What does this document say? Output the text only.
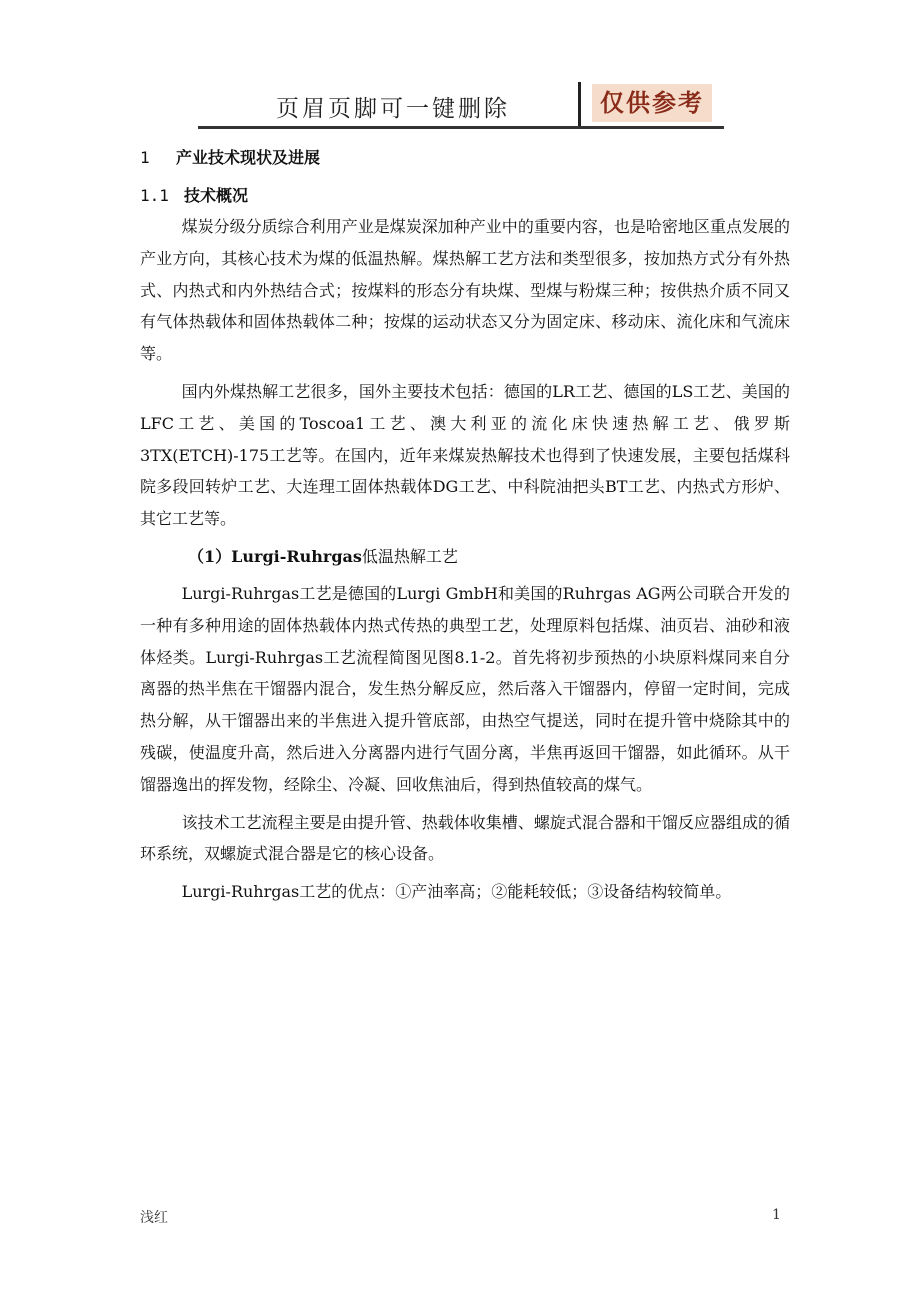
页眉页脚可一键删除	仅供参考
1 产业技术现状及进展
1.1 技术概况

煤炭分级分质综合利用产业是煤炭深加种产业中的重要内容，也是哈密地区重点发展的产业方向，其核心技术为煤的低温热解。煤热解工艺方法和类型很多，按加热方式分有外热式、内热式和内外热结合式；按煤料的形态分有块煤、型煤与粉煤三种；按供热介质不同又有气体热载体和固体热载体二种；按煤的运动状态又分为固定床、移动床、流化床和气流床等。

国内外煤热解工艺很多，国外主要技术包括：德国的LR工艺、德国的LS工艺、美国的LFC工艺、美国的Toscoa1工艺、澳大利亚的流化床快速热解工艺、俄罗斯3TX(ETCH)-175工艺等。在国内，近年来煤炭热解技术也得到了快速发展，主要包括煤科院多段回转炉工艺、大连理工固体热载体DG工艺、中科院油把头BT工艺、内热式方形炉、其它工艺等。

（1）Lurgi-Ruhrgas低温热解工艺

Lurgi-Ruhrgas工艺是德国的Lurgi GmbH和美国的Ruhrgas AG两公司联合开发的一种有多种用途的固体热载体内热式传热的典型工艺，处理原料包括煤、油页岩、油砂和液体烃类。Lurgi-Ruhrgas工艺流程简图见图8.1-2。首先将初步预热的小块原料煤同来自分离器的热半焦在干馏器内混合，发生热分解反应，然后落入干馏器内，停留一定时间，完成热分解，从干馏器出来的半焦进入提升管底部，由热空气提送，同时在提升管中烧除其中的残碳，使温度升高，然后进入分离器内进行气固分离，半焦再返回干馏器，如此循环。从干馏器逸出的挥发物，经除尘、冷凝、回收焦油后，得到热值较高的煤气。

该技术工艺流程主要是由提升管、热载体收集槽、螺旋式混合器和干馏反应器组成的循环系统，双螺旋式混合器是它的核心设备。

Lurgi-Ruhrgas工艺的优点：①产油率高；②能耗较低；③设备结构较简单。

浅红	1
